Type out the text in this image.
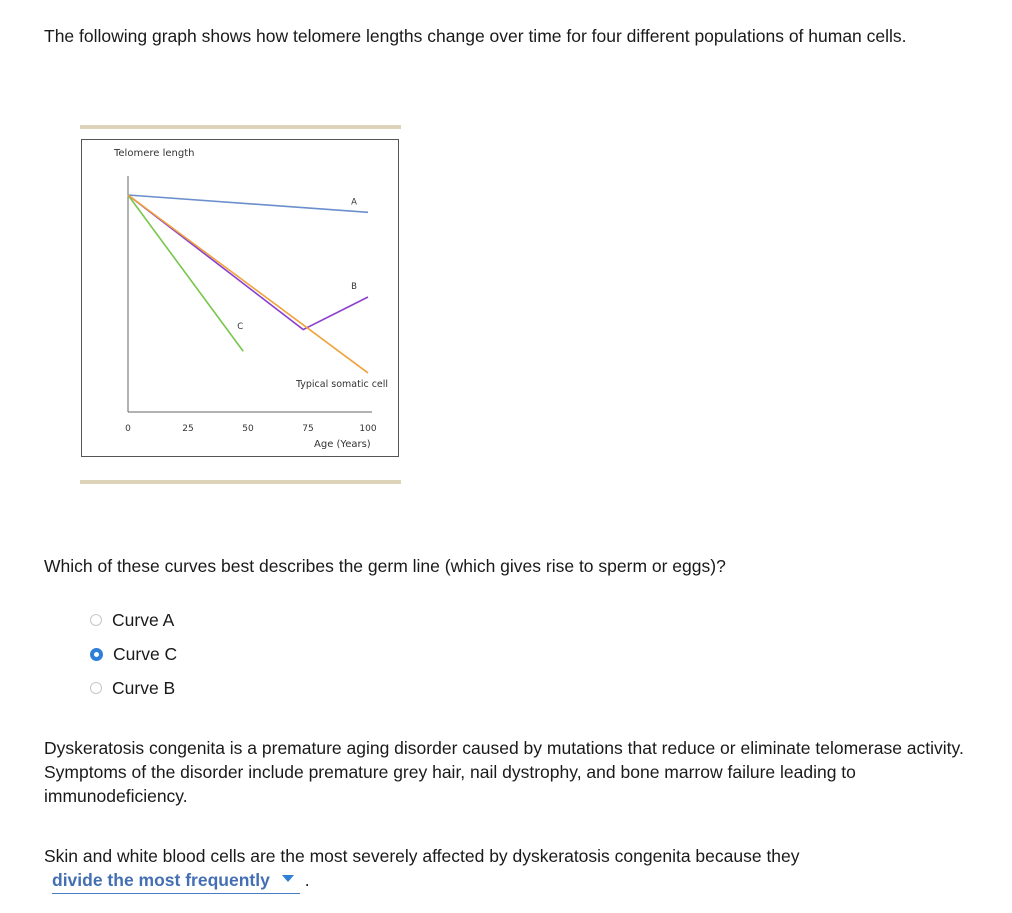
The following graph shows how telomere lengths change over time for four different populations of human cells.

Telomere length
A
B
C
Typical somatic cell
0	25	50	75	100
Age (Years)

Which of these curves best describes the germ line (which gives rise to sperm or eggs)?

Curve A
Curve C
Curve B

Dyskeratosis congenita is a premature aging disorder caused by mutations that reduce or eliminate telomerase activity. Symptoms of the disorder include premature grey hair, nail dystrophy, and bone marrow failure leading to immunodeficiency.

Skin and white blood cells are the most severely affected by dyskeratosis congenita because they

divide the most frequently .
